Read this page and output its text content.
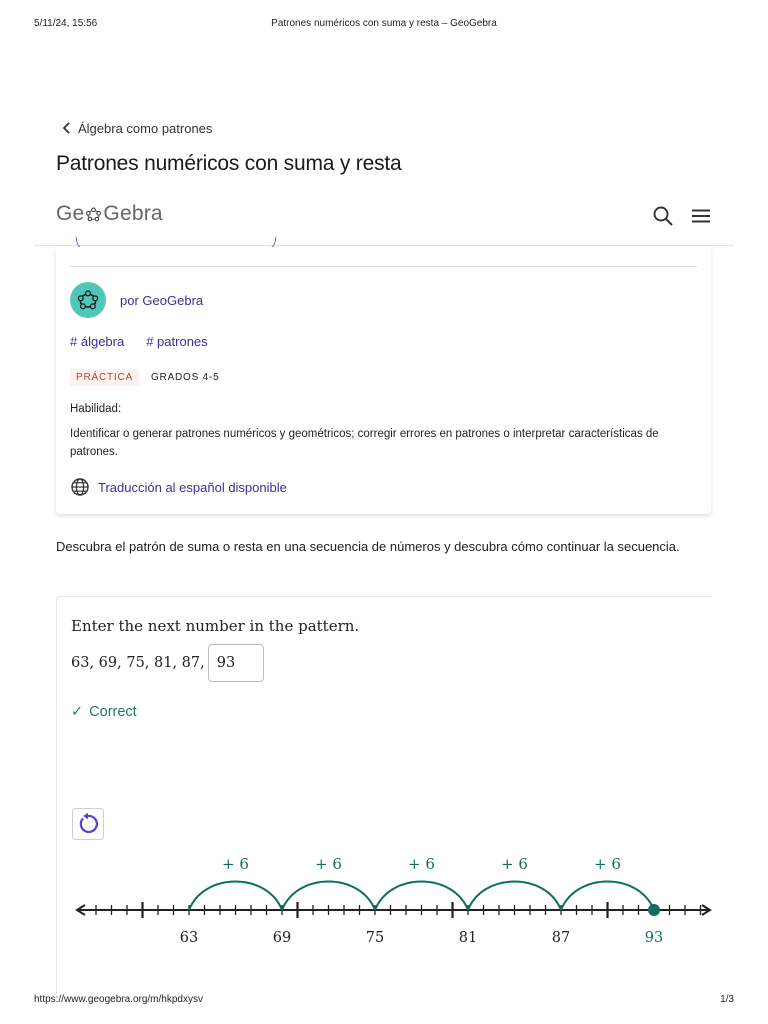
5/11/24, 15:56	Patrones numéricos con suma y resta – GeoGebra
Álgebra como patrones
Patrones numéricos con suma y resta
Ge Gebra
por GeoGebra
# álgebra # patrones
PRÁCTICA	GRADOS 4-5
Habilidad:
Identificar o generar patrones numéricos y geométricos; corregir errores en patrones o interpretar características de patrones.
Traducción al español disponible

Descubra el patrón de suma o resta en una secuencia de números y descubra cómo continuar la secuencia.

Enter the next number in the pattern.
63, 69, 75, 81, 87,
93
✓ Correct
+ 6	+ 6	+ 6	+ 6	+ 6
63	69	75	81	87	93
https://www.geogebra.org/m/hkpdxysv	1/3
